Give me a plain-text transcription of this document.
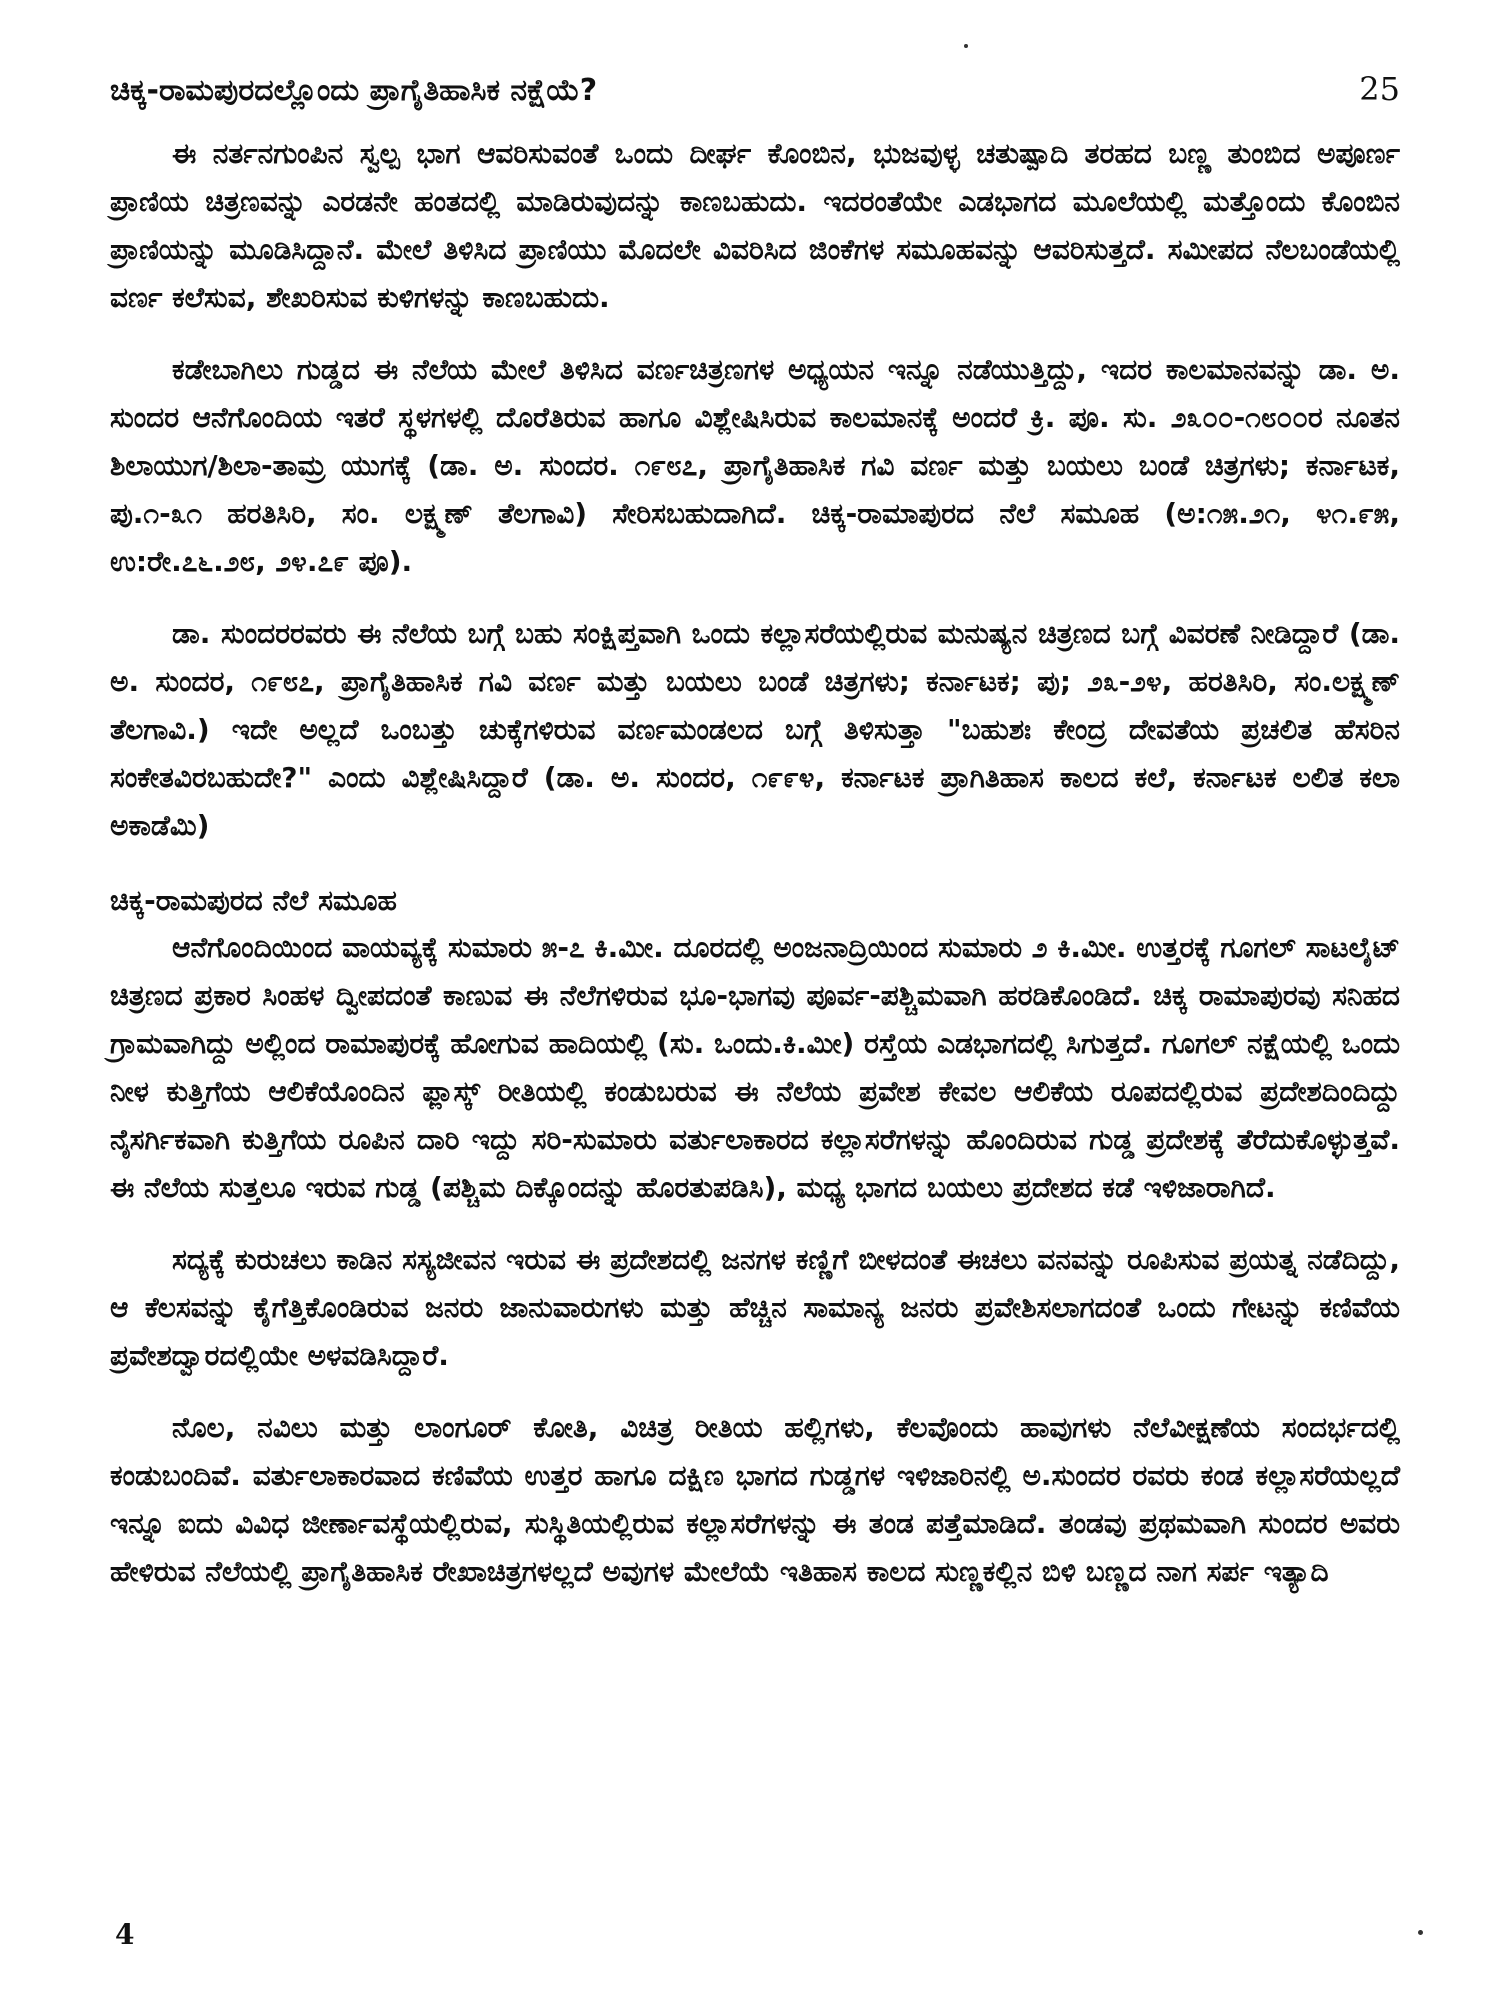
ಚಿಕ್ಕ-ರಾಮಪುರದಲ್ಲೊಂದು ಪ್ರಾಗೈತಿಹಾಸಿಕ ನಕ್ಷೆಯೆ?	25

ಈ ನರ್ತನಗುಂಪಿನ ಸ್ವಲ್ಪ ಭಾಗ ಆವರಿಸುವಂತೆ ಒಂದು ದೀರ್ಘ ಕೊಂಬಿನ, ಭುಜವುಳ್ಳ ಚತುಷ್ಪಾದಿ ತರಹದ ಬಣ್ಣ ತುಂಬಿದ ಅಪೂರ್ಣ ಪ್ರಾಣಿಯ ಚಿತ್ರಣವನ್ನು ಎರಡನೇ ಹಂತದಲ್ಲಿ ಮಾಡಿರುವುದನ್ನು ಕಾಣಬಹುದು. ಇದರಂತೆಯೇ ಎಡಭಾಗದ ಮೂಲೆಯಲ್ಲಿ ಮತ್ತೊಂದು ಕೊಂಬಿನ ಪ್ರಾಣಿಯನ್ನು ಮೂಡಿಸಿದ್ದಾನೆ. ಮೇಲೆ ತಿಳಿಸಿದ ಪ್ರಾಣಿಯು ಮೊದಲೇ ವಿವರಿಸಿದ ಜಿಂಕೆಗಳ ಸಮೂಹವನ್ನು ಆವರಿಸುತ್ತದೆ. ಸಮೀಪದ ನೆಲಬಂಡೆಯಲ್ಲಿ ವರ್ಣ ಕಲೆಸುವ, ಶೇಖರಿಸುವ ಕುಳಿಗಳನ್ನು ಕಾಣಬಹುದು.

ಕಡೇಬಾಗಿಲು ಗುಡ್ಡದ ಈ ನೆಲೆಯ ಮೇಲೆ ತಿಳಿಸಿದ ವರ್ಣಚಿತ್ರಣಗಳ ಅಧ್ಯಯನ ಇನ್ನೂ ನಡೆಯುತ್ತಿದ್ದು, ಇದರ ಕಾಲಮಾನವನ್ನು ಡಾ. ಅ. ಸುಂದರ ಆನೆಗೊಂದಿಯ ಇತರೆ ಸ್ಥಳಗಳಲ್ಲಿ ದೊರೆತಿರುವ ಹಾಗೂ ವಿಶ್ಲೇಷಿಸಿರುವ ಕಾಲಮಾನಕ್ಕೆ ಅಂದರೆ ಕ್ರಿ. ಪೂ. ಸು. ೨೩೦೦-೧೮೦೦ರ ನೂತನ ಶಿಲಾಯುಗ/ಶಿಲಾ-ತಾಮ್ರ ಯುಗಕ್ಕೆ (ಡಾ. ಅ. ಸುಂದರ. ೧೯೮೭, ಪ್ರಾಗೈತಿಹಾಸಿಕ ಗವಿ ವರ್ಣ ಮತ್ತು ಬಯಲು ಬಂಡೆ ಚಿತ್ರಗಳು; ಕರ್ನಾಟಕ, ಪು.೧-೩೧ ಹರತಿಸಿರಿ, ಸಂ. ಲಕ್ಷ್ಮಣ್ ತೆಲಗಾವಿ) ಸೇರಿಸಬಹುದಾಗಿದೆ. ಚಿಕ್ಕ-ರಾಮಾಪುರದ ನೆಲೆ ಸಮೂಹ (ಅ:೧೫.೨೧, ೪೧.೯೫, ಉ:ರೇ.೭೬.೨೮, ೨೪.೭೯ ಪೂ).

ಡಾ. ಸುಂದರರವರು ಈ ನೆಲೆಯ ಬಗ್ಗೆ ಬಹು ಸಂಕ್ಷಿಪ್ತವಾಗಿ ಒಂದು ಕಲ್ಲಾಸರೆಯಲ್ಲಿರುವ ಮನುಷ್ಯನ ಚಿತ್ರಣದ ಬಗ್ಗೆ ವಿವರಣೆ ನೀಡಿದ್ದಾರೆ (ಡಾ. ಅ. ಸುಂದರ, ೧೯೮೭, ಪ್ರಾಗೈತಿಹಾಸಿಕ ಗವಿ ವರ್ಣ ಮತ್ತು ಬಯಲು ಬಂಡೆ ಚಿತ್ರಗಳು; ಕರ್ನಾಟಕ; ಪು; ೨೩-೨೪, ಹರತಿಸಿರಿ, ಸಂ.ಲಕ್ಷ್ಮಣ್ ತೆಲಗಾವಿ.) ಇದೇ ಅಲ್ಲದೆ ಒಂಬತ್ತು ಚುಕ್ಕೆಗಳಿರುವ ವರ್ಣಮಂಡಲದ ಬಗ್ಗೆ ತಿಳಿಸುತ್ತಾ "ಬಹುಶಃ ಕೇಂದ್ರ ದೇವತೆಯ ಪ್ರಚಲಿತ ಹೆಸರಿನ ಸಂಕೇತವಿರಬಹುದೇ?" ಎಂದು ವಿಶ್ಲೇಷಿಸಿದ್ದಾರೆ (ಡಾ. ಅ. ಸುಂದರ, ೧೯೯೪, ಕರ್ನಾಟಕ ಪ್ರಾಗಿತಿಹಾಸ ಕಾಲದ ಕಲೆ, ಕರ್ನಾಟಕ ಲಲಿತ ಕಲಾ ಅಕಾಡೆಮಿ)

ಚಿಕ್ಕ-ರಾಮಪುರದ ನೆಲೆ ಸಮೂಹ

ಆನೆಗೊಂದಿಯಿಂದ ವಾಯವ್ಯಕ್ಕೆ ಸುಮಾರು ೫-೭ ಕಿ.ಮೀ. ದೂರದಲ್ಲಿ ಅಂಜನಾದ್ರಿಯಿಂದ ಸುಮಾರು ೨ ಕಿ.ಮೀ. ಉತ್ತರಕ್ಕೆ ಗೂಗಲ್ ಸಾಟಲೈಟ್ ಚಿತ್ರಣದ ಪ್ರಕಾರ ಸಿಂಹಳ ದ್ವೀಪದಂತೆ ಕಾಣುವ ಈ ನೆಲೆಗಳಿರುವ ಭೂ-ಭಾಗವು ಪೂರ್ವ-ಪಶ್ಚಿಮವಾಗಿ ಹರಡಿಕೊಂಡಿದೆ. ಚಿಕ್ಕ ರಾಮಾಪುರವು ಸನಿಹದ ಗ್ರಾಮವಾಗಿದ್ದು ಅಲ್ಲಿಂದ ರಾಮಾಪುರಕ್ಕೆ ಹೋಗುವ ಹಾದಿಯಲ್ಲಿ (ಸು. ಒಂದು.ಕಿ.ಮೀ) ರಸ್ತೆಯ ಎಡಭಾಗದಲ್ಲಿ ಸಿಗುತ್ತದೆ. ಗೂಗಲ್ ನಕ್ಷೆಯಲ್ಲಿ ಒಂದು ನೀಳ ಕುತ್ತಿಗೆಯ ಆಲಿಕೆಯೊಂದಿನ ಫ್ಲಾಸ್ಕ್ ರೀತಿಯಲ್ಲಿ ಕಂಡುಬರುವ ಈ ನೆಲೆಯ ಪ್ರವೇಶ ಕೇವಲ ಆಲಿಕೆಯ ರೂಪದಲ್ಲಿರುವ ಪ್ರದೇಶದಿಂದಿದ್ದು ನೈಸರ್ಗಿಕವಾಗಿ ಕುತ್ತಿಗೆಯ ರೂಪಿನ ದಾರಿ ಇದ್ದು ಸರಿ-ಸುಮಾರು ವರ್ತುಲಾಕಾರದ ಕಲ್ಲಾಸರೆಗಳನ್ನು ಹೊಂದಿರುವ ಗುಡ್ಡ ಪ್ರದೇಶಕ್ಕೆ ತೆರೆದುಕೊಳ್ಳುತ್ತವೆ. ಈ ನೆಲೆಯ ಸುತ್ತಲೂ ಇರುವ ಗುಡ್ಡ (ಪಶ್ಚಿಮ ದಿಕ್ಕೊಂದನ್ನು ಹೊರತುಪಡಿಸಿ), ಮಧ್ಯ ಭಾಗದ ಬಯಲು ಪ್ರದೇಶದ ಕಡೆ ಇಳಿಜಾರಾಗಿದೆ.

ಸದ್ಯಕ್ಕೆ ಕುರುಚಲು ಕಾಡಿನ ಸಸ್ಯಜೀವನ ಇರುವ ಈ ಪ್ರದೇಶದಲ್ಲಿ ಜನಗಳ ಕಣ್ಣಿಗೆ ಬೀಳದಂತೆ ಈಚಲು ವನವನ್ನು ರೂಪಿಸುವ ಪ್ರಯತ್ನ ನಡೆದಿದ್ದು, ಆ ಕೆಲಸವನ್ನು ಕೈಗೆತ್ತಿಕೊಂಡಿರುವ ಜನರು ಜಾನುವಾರುಗಳು ಮತ್ತು ಹೆಚ್ಚಿನ ಸಾಮಾನ್ಯ ಜನರು ಪ್ರವೇಶಿಸಲಾಗದಂತೆ ಒಂದು ಗೇಟನ್ನು ಕಣಿವೆಯ ಪ್ರವೇಶದ್ವಾರದಲ್ಲಿಯೇ ಅಳವಡಿಸಿದ್ದಾರೆ.

ನೊಲ, ನವಿಲು ಮತ್ತು ಲಾಂಗೂರ್ ಕೋತಿ, ವಿಚಿತ್ರ ರೀತಿಯ ಹಲ್ಲಿಗಳು, ಕೆಲವೊಂದು ಹಾವುಗಳು ನೆಲೆವೀಕ್ಷಣೆಯ ಸಂದರ್ಭದಲ್ಲಿ ಕಂಡುಬಂದಿವೆ. ವರ್ತುಲಾಕಾರವಾದ ಕಣಿವೆಯ ಉತ್ತರ ಹಾಗೂ ದಕ್ಷಿಣ ಭಾಗದ ಗುಡ್ಡಗಳ ಇಳಿಜಾರಿನಲ್ಲಿ ಅ.ಸುಂದರ ರವರು ಕಂಡ ಕಲ್ಲಾಸರೆಯಲ್ಲದೆ ಇನ್ನೂ ಐದು ವಿವಿಧ ಜೀರ್ಣಾವಸ್ಥೆಯಲ್ಲಿರುವ, ಸುಸ್ಥಿತಿಯಲ್ಲಿರುವ ಕಲ್ಲಾಸರೆಗಳನ್ನು ಈ ತಂಡ ಪತ್ತೆಮಾಡಿದೆ. ತಂಡವು ಪ್ರಥಮವಾಗಿ ಸುಂದರ ಅವರು ಹೇಳಿರುವ ನೆಲೆಯಲ್ಲಿ ಪ್ರಾಗೈತಿಹಾಸಿಕ ರೇಖಾಚಿತ್ರಗಳಲ್ಲದೆ ಅವುಗಳ ಮೇಲೆಯೆ ಇತಿಹಾಸ ಕಾಲದ ಸುಣ್ಣಕಲ್ಲಿನ ಬಿಳಿ ಬಣ್ಣದ ನಾಗ ಸರ್ಪ ಇತ್ಯಾದಿ

4
